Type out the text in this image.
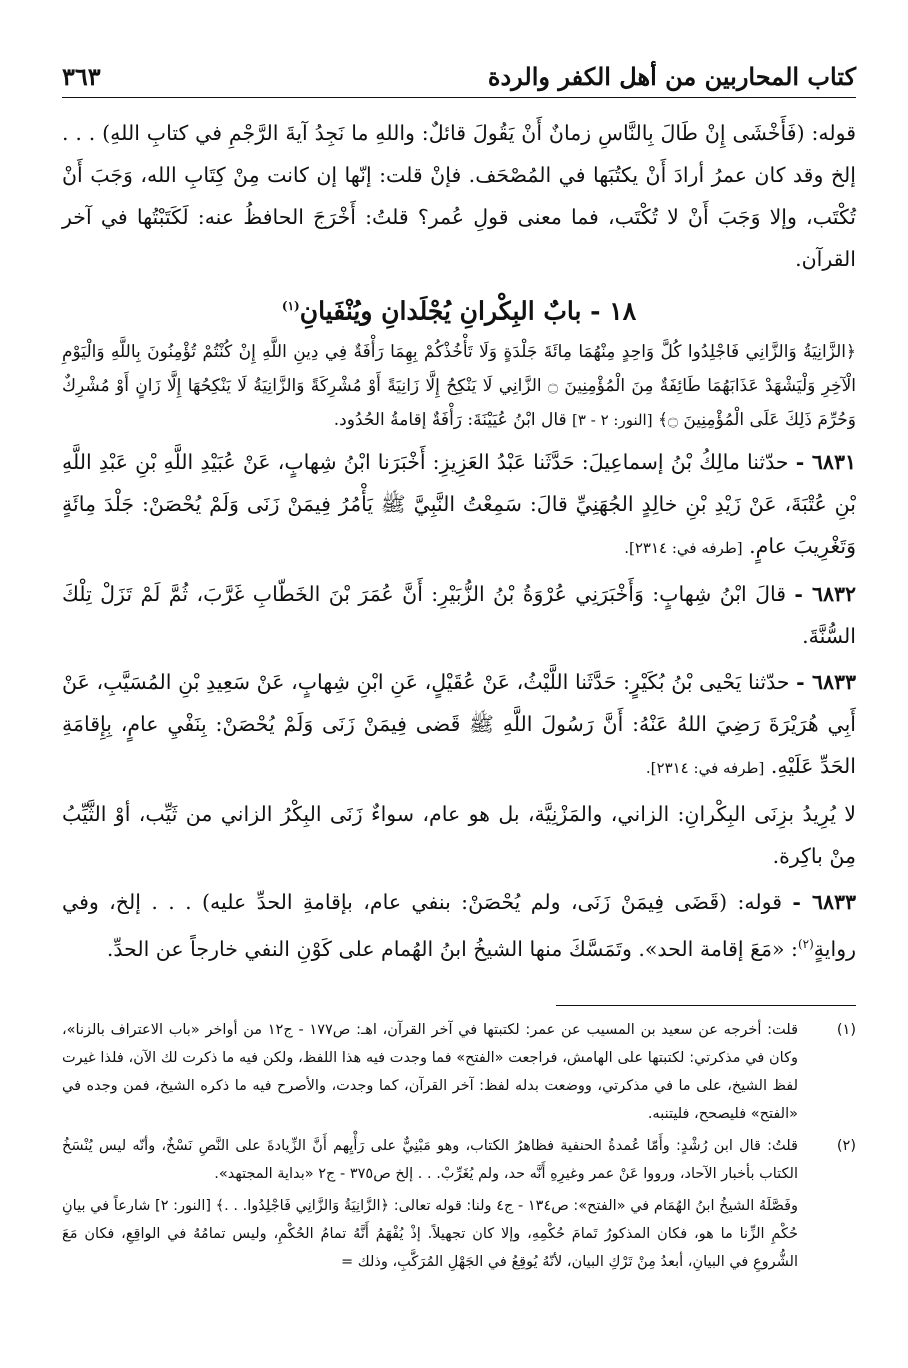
كتاب المحاربين من أهل الكفر والردة
٣٦٣

قوله: (فَأَخْشَى إِنْ طَالَ بِالنَّاسِ زمانٌ أَنْ يَقُولَ قائلٌ: واللهِ ما نَجِدُ آيةَ الرَّجْمِ في كتابِ اللهِ) . . . إلخ وقد كان عمرُ أرادَ أَنْ يكتُبَها في المُصْحَف. فإنْ قلت: إنّها إن كانت مِنْ كِتَابِ الله، وَجَبَ أَنْ تُكْتَب، وإلا وَجَبَ أَنْ لا تُكْتَب، فما معنى قولِ عُمر؟ قلتُ: أَخْرَجَ الحافظُ عنه: لَكَتَبْتُها في آخر القرآن.

١٨ - بابٌ البِكْرانِ يُجْلَدانِ ويُنْفَيانِ$^{(١)}$

﴿الزَّانِيَةُ وَالزَّانِي فَاجْلِدُوا كُلَّ وَاحِدٍ مِنْهُمَا مِائَةَ جَلْدَةٍ وَلَا تَأْخُذْكُمْ بِهِمَا رَأْفَةٌ فِي دِينِ اللَّهِ إِنْ كُنْتُمْ تُؤْمِنُونَ بِاللَّهِ وَالْيَوْمِ الْآخِرِ وَلْيَشْهَدْ عَذَابَهُمَا طَائِفَةٌ مِنَ الْمُؤْمِنِينَ ۝ الزَّانِي لَا يَنْكِحُ إِلَّا زَانِيَةً أَوْ مُشْرِكَةً وَالزَّانِيَةُ لَا يَنْكِحُهَا إِلَّا زَانٍ أَوْ مُشْرِكٌ وَحُرِّمَ ذَلِكَ عَلَى الْمُؤْمِنِينَ ۝﴾ [النور: ٢ - ٣] قال ابْنُ عُيَيْنَةَ: رَأْفَةٌ إقامةُ الحُدُود.

٦٨٣١ - حدّثنا مالِكُ بْنُ إسماعِيلَ: حَدَّثَنا عَبْدُ العَزِيزِ: أَخْبَرَنا ابْنُ شِهابٍ، عَنْ عُبَيْدِ اللَّهِ بْنِ عَبْدِ اللَّهِ بْنِ عُتْبَةَ، عَنْ زَيْدِ بْنِ خالِدٍ الجُهَنِيِّ قالَ: سَمِعْتُ النَّبِيَّ ﷺ يَأْمُرُ فِيمَنْ زَنَى وَلَمْ يُحْصَنْ: جَلْدَ مِائَةٍ وَتَغْرِيبَ عامٍ. [طرفه في: ٢٣١٤].

٦٨٣٢ - قالَ ابْنُ شِهابٍ: وَأَخْبَرَنِي عُرْوَةُ بْنُ الزُّبَيْرِ: أَنَّ عُمَرَ بْنَ الخَطّابِ غَرَّبَ، ثُمَّ لَمْ تَزَلْ تِلْكَ السُّنَّةَ.

٦٨٣٣ - حدّثنا يَحْيى بْنُ بُكَيْرٍ: حَدَّثَنا اللَّيْثُ، عَنْ عُقَيْلٍ، عَنِ ابْنِ شِهابٍ، عَنْ سَعِيدِ بْنِ المُسَيَّبِ، عَنْ أَبِي هُرَيْرَةَ رَضِيَ اللهُ عَنْهُ: أَنَّ رَسُولَ اللَّهِ ﷺ قَضى فِيمَنْ زَنَى وَلَمْ يُحْصَنْ: بِنَفْيِ عامٍ، بِإِقامَةِ الحَدِّ عَلَيْهِ. [طرفه في: ٢٣١٤].

لا يُرِيدُ بزِنَى البِكْرانِ: الزاني، والمَزْنِيَّة، بل هو عام، سواءٌ زَنَى البِكْرُ الزاني من ثَيِّب، أوْ الثَّيِّبُ مِنْ باكِرة.

٦٨٣٣ - قوله: (قَضَى فِيمَنْ زَنَى، ولم يُحْصَنْ: بنفي عام، بإقامةِ الحدِّ عليه) . . . إلخ، وفي روايةٍ$^{(٢)}$: «مَعَ إقامة الحد». وتَمَسَّكَ منها الشيخُ ابنُ الهُمام على كَوْنِ النفي خارجاً عن الحدِّ.

(١)
قلت: أخرجه عن سعيد بن المسيب عن عمر: لكتبتها في آخر القرآن، اهـ: ص١٧٧ - ج١٢ من أواخر «باب الاعتراف بالزنا»، وكان في مذكرتي: لكتبتها على الهامش، فراجعت «الفتح» فما وجدت فيه هذا اللفظ، ولكن فيه ما ذكرت لك الآن، فلذا غيرت لفظ الشيخ، على ما في مذكرتي، ووضعت بدله لفظ: آخر القرآن، كما وجدت، والأصرح فيه ما ذكره الشيخ، فمن وجده في «الفتح» فليصحح، فليتنبه.
(٢)
قلتُ: قال ابن رُشْدٍ: وأَمّا عُمدةُ الحنفية فظاهرُ الكتاب، وهو مَبْنِيٌّ على رَأْيِهم أَنَّ الزِّيادةَ على النَّصِ نَسْخٌ، وأنّه ليس يُنْسَخُ الكتاب بأخبار الآحاد، ورووا عَنْ عمر وغيرِهِ أَنَّه حد، ولم يُغَرِّبْ. . . إلخ ص٣٧٥ - ج٢ «بداية المجتهد».
وفَصَّلَهُ الشيخُ ابنُ الهُمَام في «الفتح»: ص١٣٤ - ج٤ ولنا: قوله تعالى: ﴿الزَّانِيَةُ وَالزَّانِي فَاجْلِدُوا. . .﴾ [النور: ٢] شارعاً في بيانِ حُكْمِ الزِّنا ما هو، فكان المذكورُ تَمامَ حُكْمِهِ، وإلا كان تجهيلاً. إذْ يُفْهَمُ أَنَّهُ تمامُ الحُكْمِ، وليس تمامُهُ في الواقِعِ، فكان مَعَ الشُّروعِ في البيانِ، أبعدُ مِنْ تَرْكِ البيان، لأنّهُ يُوقِعُ في الجَهْلِ المُرَكَّبِ، وذلك =
